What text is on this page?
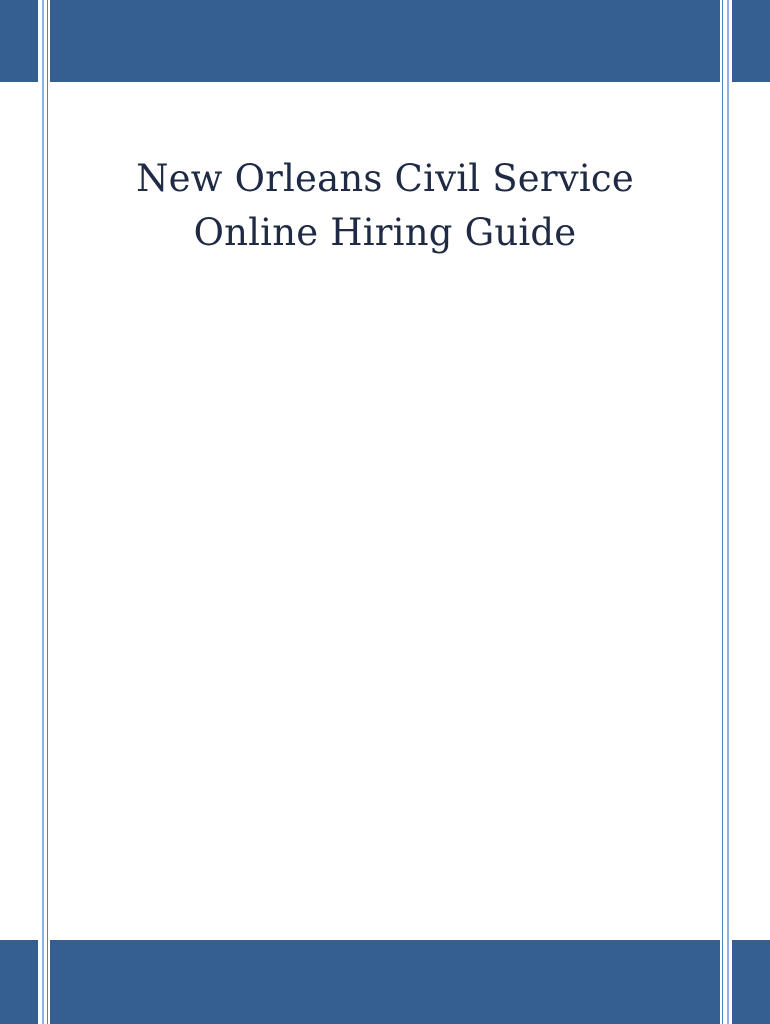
New Orleans Civil Service
Online Hiring Guide
